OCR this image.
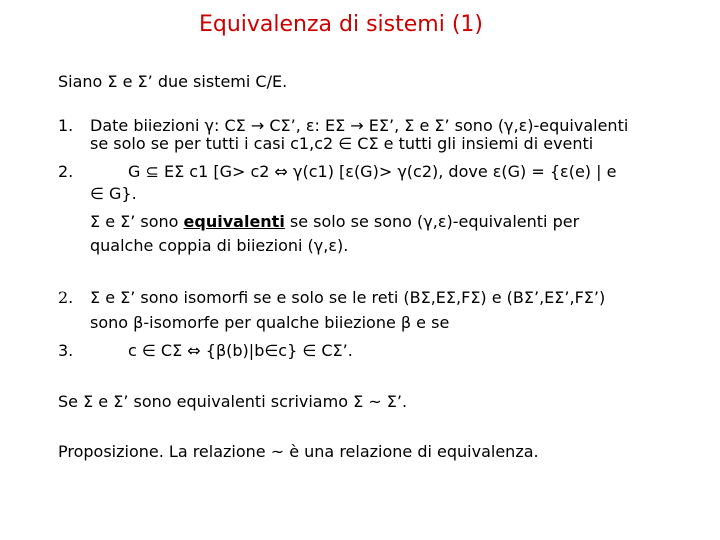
Equivalenza di sistemi (1)
Siano Σ e Σ’ due sistemi C/E.
1. Date biiezioni γ: CΣ → CΣ’, ε: EΣ → EΣ’, Σ e Σ’ sono (γ,ε)-equivalenti
se solo se per tutti i casi c1,c2 ∈ CΣ e tutti gli insiemi di eventi
2.	G ⊆ EΣ c1 [G> c2 ⇔ γ(c1) [ε(G)> γ(c2), dove ε(G) = {ε(e) | e
∈ G}.
Σ e Σ’ sono equivalenti se solo se sono (γ,ε)-equivalenti per
qualche coppia di biiezioni (γ,ε).
2. Σ e Σ’ sono isomorfi se e solo se le reti (BΣ,EΣ,FΣ) e (BΣ’,EΣ’,FΣ’)
sono β-isomorfe per qualche biiezione β e se
3.	c ∈ CΣ ⇔ {β(b)|b∈c} ∈ CΣ’.
Se Σ e Σ’ sono equivalenti scriviamo Σ ~ Σ’.
Proposizione. La relazione ~ è una relazione di equivalenza.
